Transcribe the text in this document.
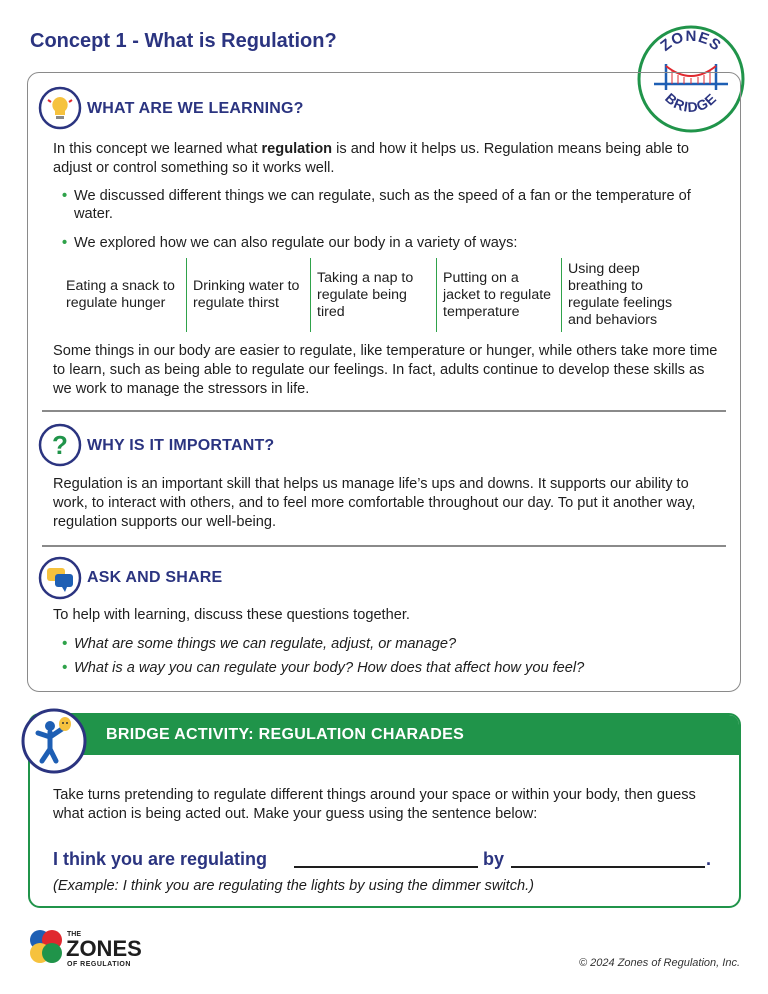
Concept 1 - What is Regulation?	ZONES
BRIDGE
WHAT ARE WE LEARNING?
In this concept we learned what regulation is and how it helps us. Regulation means being able to adjust or control something so it works well.
• We discussed different things we can regulate, such as the speed of a fan or the temperature of water.
• We explored how we can also regulate our body in a variety of ways:
Eating a snack to regulate hunger
Drinking water to regulate thirst
Taking a nap to regulate being tired
Putting on a jacket to regulate temperature
Using deep breathing to regulate feelings and behaviors
Some things in our body are easier to regulate, like temperature or hunger, while others take more time to learn, such as being able to regulate our feelings. In fact, adults continue to develop these skills as we work to manage the stressors in life.
? WHY IS IT IMPORTANT?
Regulation is an important skill that helps us manage life’s ups and downs. It supports our ability to work, to interact with others, and to feel more comfortable throughout our day. To put it another way, regulation supports our well-being.
ASK AND SHARE
To help with learning, discuss these questions together.
• What are some things we can regulate, adjust, or manage?
• What is a way you can regulate your body? How does that affect how you feel?
BRIDGE ACTIVITY: REGULATION CHARADES
Take turns pretending to regulate different things around your space or within your body, then guess what action is being acted out. Make your guess using the sentence below:
I think you are regulating	by	.
(Example: I think you are regulating the lights by using the dimmer switch.)
THE
ZONES
OF REGULATION	© 2024 Zones of Regulation, Inc.
